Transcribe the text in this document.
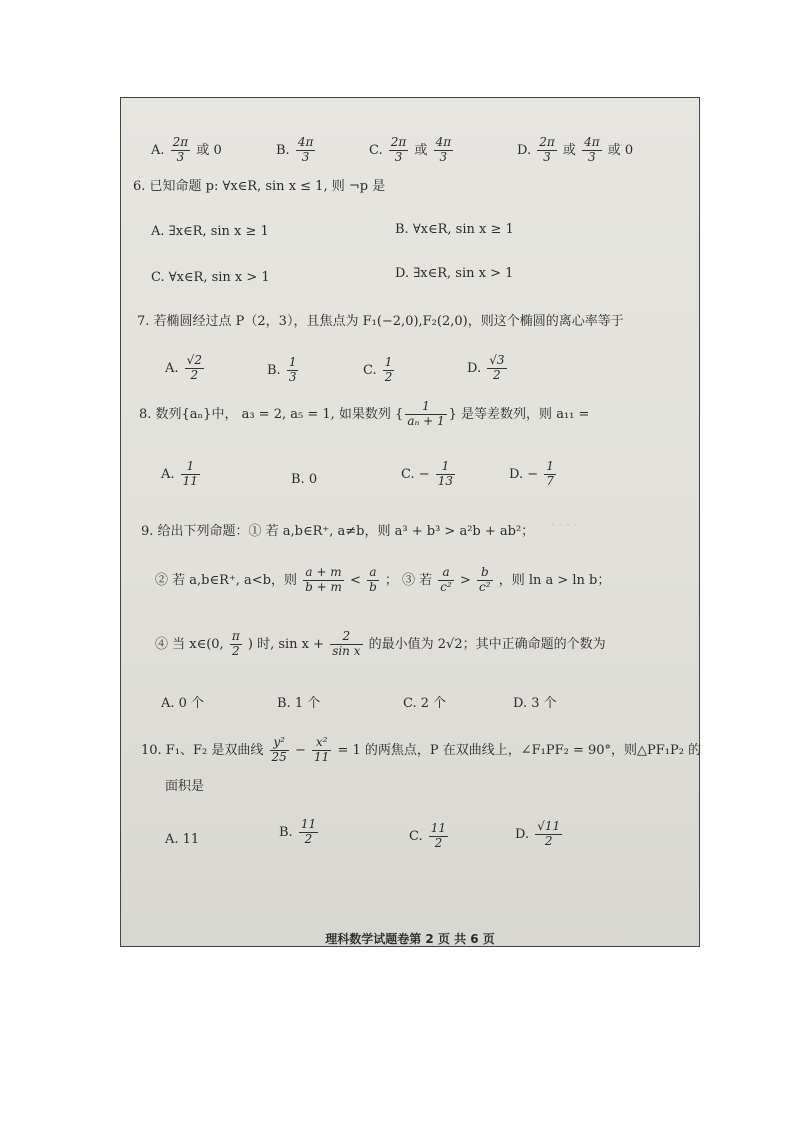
· · · ·
A. $\frac{2\pi}{3}$ 或 0	B. $\frac{4\pi}{3}$	C. $\frac{2\pi}{3}$ 或 $\frac{4\pi}{3}$	D. $\frac{2\pi}{3}$ 或 $\frac{4\pi}{3}$ 或 0
6. 已知命题 p: ∀x∈R, sin x ≤ 1, 则 ¬p 是
A. ∃x∈R, sin x ≥ 1	B. ∀x∈R, sin x ≥ 1
C. ∀x∈R, sin x > 1	D. ∃x∈R, sin x > 1
7. 若椭圆经过点 P（2，3），且焦点为 F₁(−2,0),F₂(2,0)，则这个椭圆的离心率等于
A. $\frac{√2}{2}$	B. $\frac{1}{3}$	C. $\frac{1}{2}$	D. $\frac{√3}{2}$
8. 数列{aₙ}中， a₃ = 2, a₅ = 1, 如果数列 { $\frac{1}{\text{aₙ + 1}}$ } 是等差数列，则 a₁₁ =
A. $\frac{1}{11}$	B. 0	C. − $\frac{1}{13}$	D. − $\frac{1}{7}$
9. 给出下列命题：① 若 a,b∈R⁺, a≠b，则 a³ + b³ > a²b + ab²；
② 若 a,b∈R⁺, a<b，则 $\frac{a + m}{b + m} < \frac{a}{b}$ ； ③ 若 $\frac{a}{\text{c²}} > \frac{b}{\text{c²}}$ ，则 ln a > ln b；
④ 当 x∈(0, $\frac{\pi}{2}$ ) 时, $\sin x + \frac{2}{\text{sin x}}$ 的最小值为 2√2；其中正确命题的个数为
A. 0 个	B. 1 个	C. 2 个	D. 3 个
10. F₁、F₂ 是双曲线 $\frac{\text{y²}}{25} - \frac{\text{x²}}{11} = 1$ 的两焦点，P 在双曲线上，∠F₁PF₂ = 90°，则△PF₁P₂ 的
面积是
A. 11	B. $\frac{11}{2}$	C. $\frac{11}{2}$	D. $\frac{√11}{2}$
理科数学试题卷第 2 页 共 6 页
